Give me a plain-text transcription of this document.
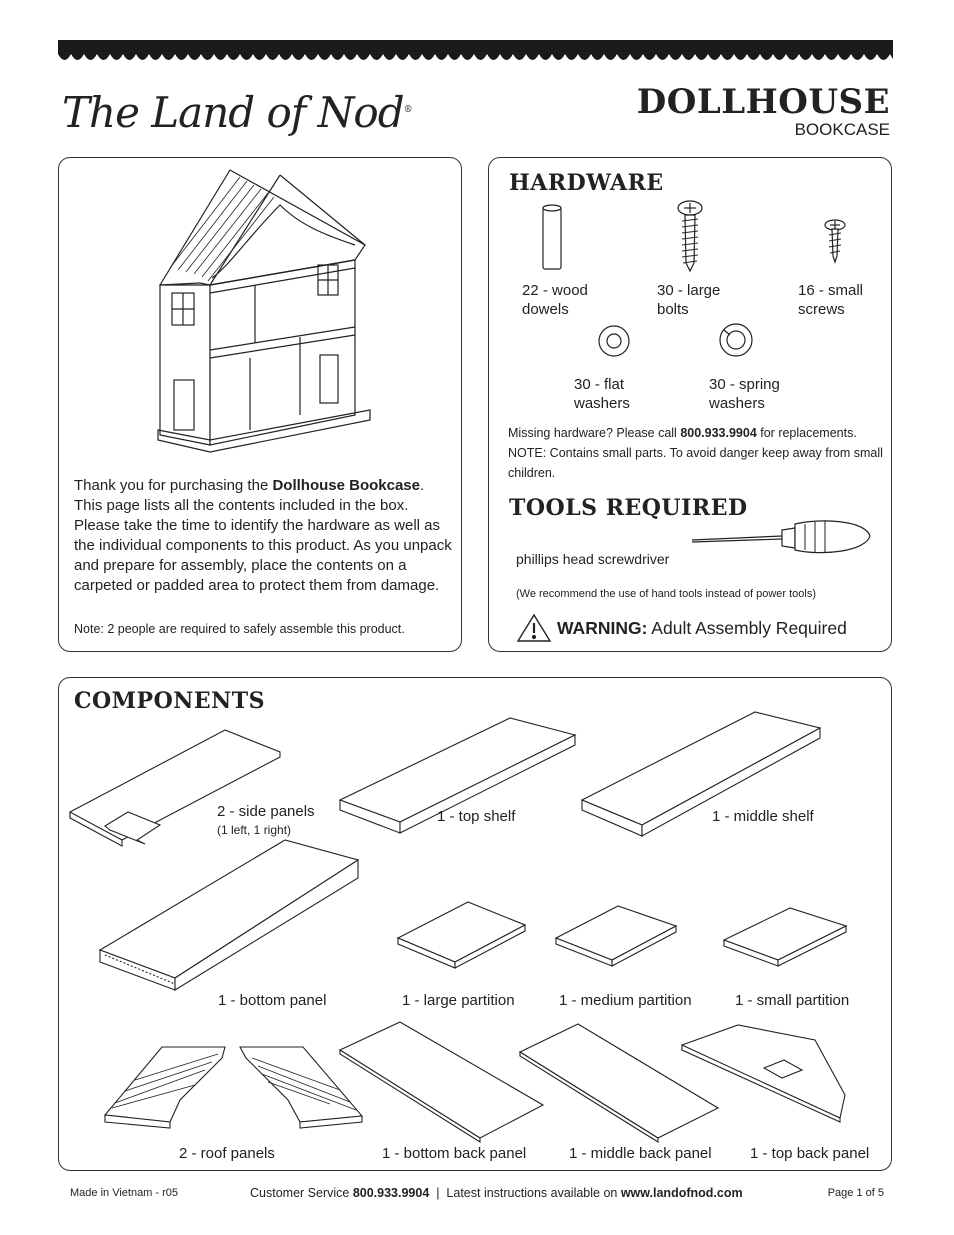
The Land of Nod®	DOLLHOUSE
BOOKCASE
Thank you for purchasing the Dollhouse Bookcase. This page lists all the contents included in the box. Please take the time to identify the hardware as well as the individual components to this product. As you unpack and prepare for assembly, place the contents on a carpeted or padded area to protect them from damage.
Note: 2 people are required to safely assemble this product.
HARDWARE
22 - wood
dowels
30 - large
bolts
16 - small
screws
30 - flat
washers
30 - spring
washers
Missing hardware? Please call 800.933.9904 for replacements.
NOTE: Contains small parts. To avoid danger keep away from small children.
TOOLS REQUIRED
phillips head screwdriver
(We recommend the use of hand tools instead of power tools)
WARNING: Adult Assembly Required
COMPONENTS
2 - side panels
(1 left, 1 right)
1 - top shelf	1 - middle shelf
1 - bottom panel	1 - large partition	1 - medium partition	1 - small partition
2 - roof panels	1 - bottom back panel	1 - middle back panel	1 - top back panel
Made in Vietnam - r05	Customer Service 800.933.9904  |  Latest instructions available on www.landofnod.com	Page 1 of 5
